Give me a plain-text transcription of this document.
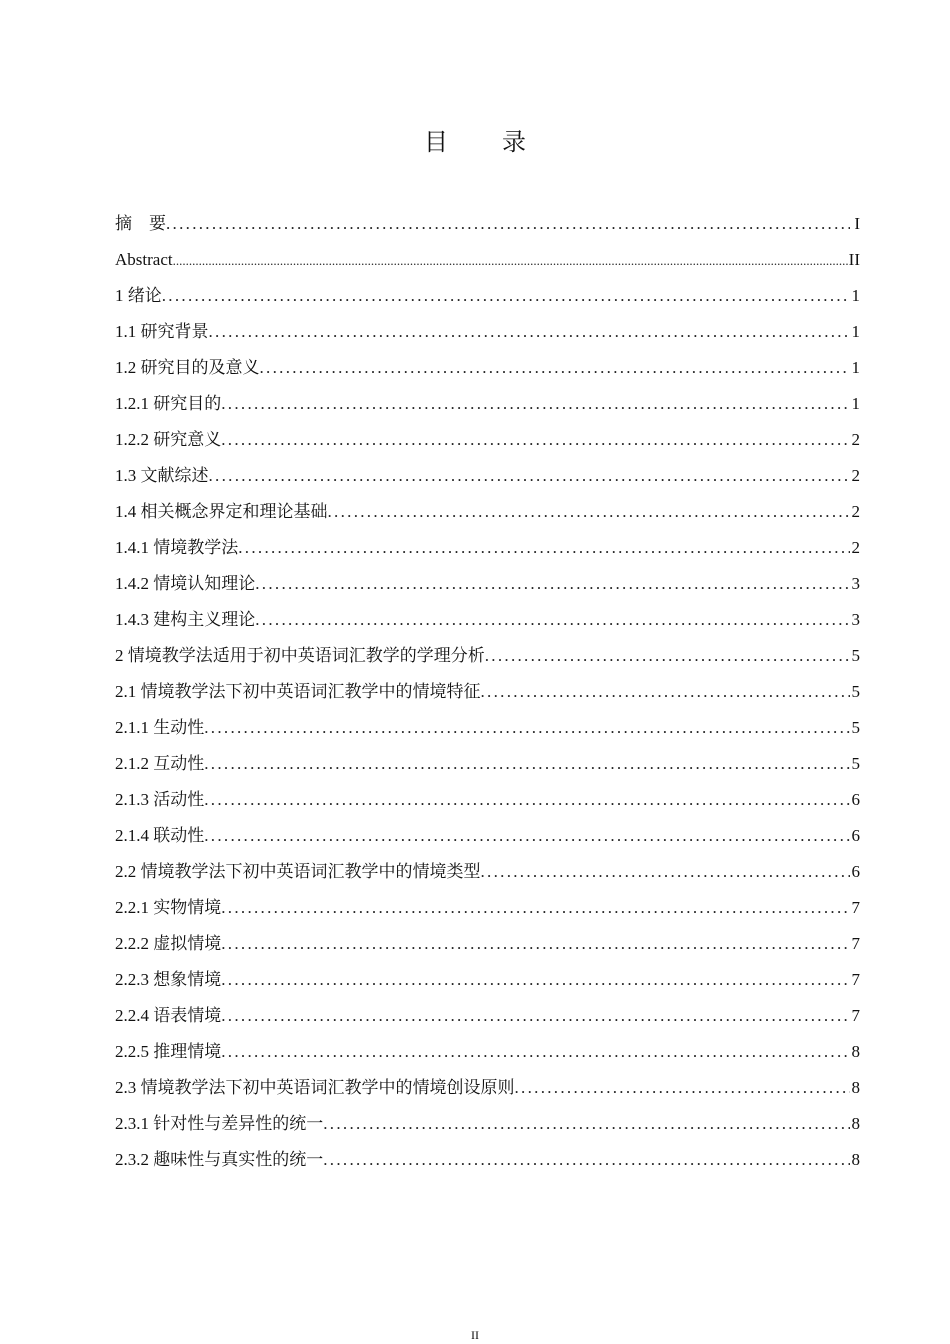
目 录
摘　要 .....	I
Abstract .....	II
1 绪论 .....	1
1.1 研究背景 .....	1
1.2 研究目的及意义 .....	1
1.2.1 研究目的 .....	1
1.2.2 研究意义 .....	2
1.3 文献综述 .....	2
1.4 相关概念界定和理论基础 .....	2
1.4.1 情境教学法 .....	2
1.4.2 情境认知理论 .....	3
1.4.3 建构主义理论 .....	3
2 情境教学法适用于初中英语词汇教学的学理分析 .....	5
2.1 情境教学法下初中英语词汇教学中的情境特征 .....	5
2.1.1 生动性 .....	5
2.1.2 互动性 .....	5
2.1.3 活动性 .....	6
2.1.4 联动性 .....	6
2.2 情境教学法下初中英语词汇教学中的情境类型 .....	6
2.2.1 实物情境 .....	7
2.2.2 虚拟情境 .....	7
2.2.3 想象情境 .....	7
2.2.4 语表情境 .....	7
2.2.5 推理情境 .....	8
2.3 情境教学法下初中英语词汇教学中的情境创设原则 .....	8
2.3.1 针对性与差异性的统一 .....	8
2.3.2 趣味性与真实性的统一 .....	8
II
